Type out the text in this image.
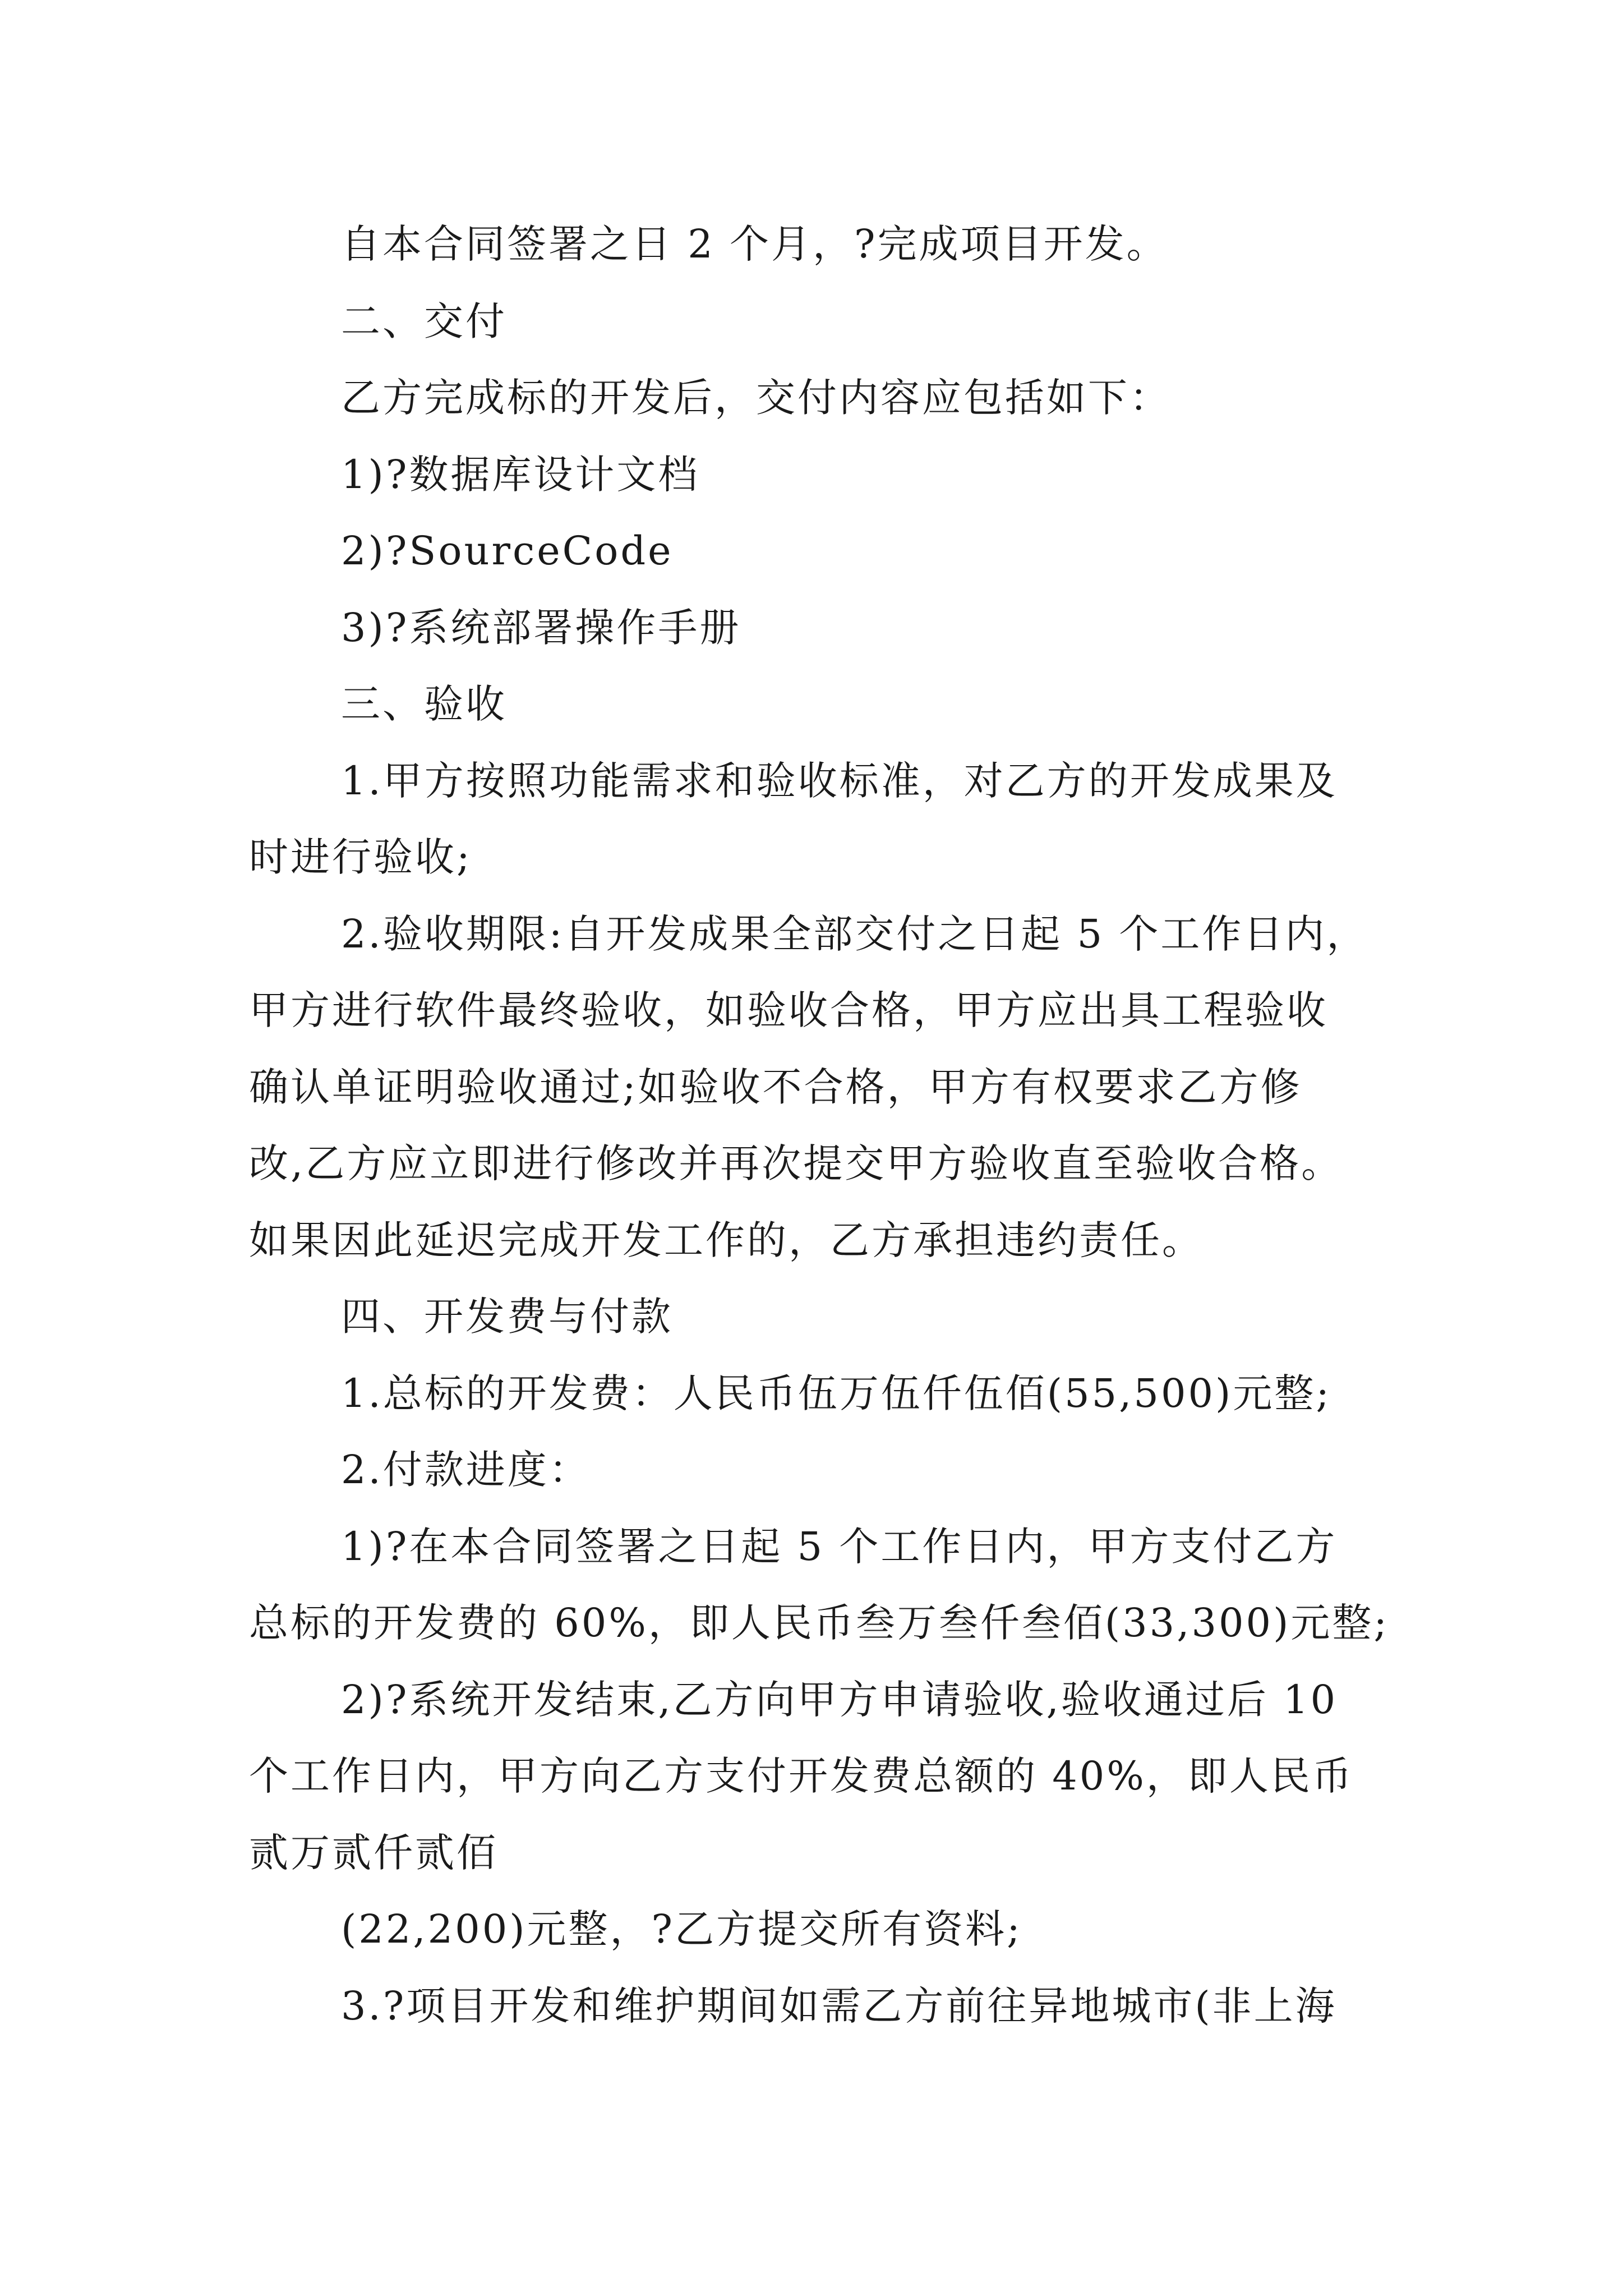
自本合同签署之日 2 个月，?完成项目开发。
二、交付
乙方完成标的开发后，交付内容应包括如下：
1)?数据库设计文档
2)?SourceCode
3)?系统部署操作手册
三、验收
1.甲方按照功能需求和验收标准，对乙方的开发成果及
时进行验收;
2.验收期限:自开发成果全部交付之日起 5 个工作日内，
甲方进行软件最终验收，如验收合格，甲方应出具工程验收
确认单证明验收通过;如验收不合格，甲方有权要求乙方修
改,乙方应立即进行修改并再次提交甲方验收直至验收合格。
如果因此延迟完成开发工作的，乙方承担违约责任。
四、开发费与付款
1.总标的开发费：人民币伍万伍仟伍佰(55,500)元整;
2.付款进度：
1)?在本合同签署之日起 5 个工作日内，甲方支付乙方
总标的开发费的 60%，即人民币叁万叁仟叁佰(33,300)元整;
2)?系统开发结束,乙方向甲方申请验收,验收通过后 10
个工作日内，甲方向乙方支付开发费总额的 40%，即人民币
贰万贰仟贰佰
(22,200)元整，?乙方提交所有资料;
3.?项目开发和维护期间如需乙方前往异地城市(非上海
